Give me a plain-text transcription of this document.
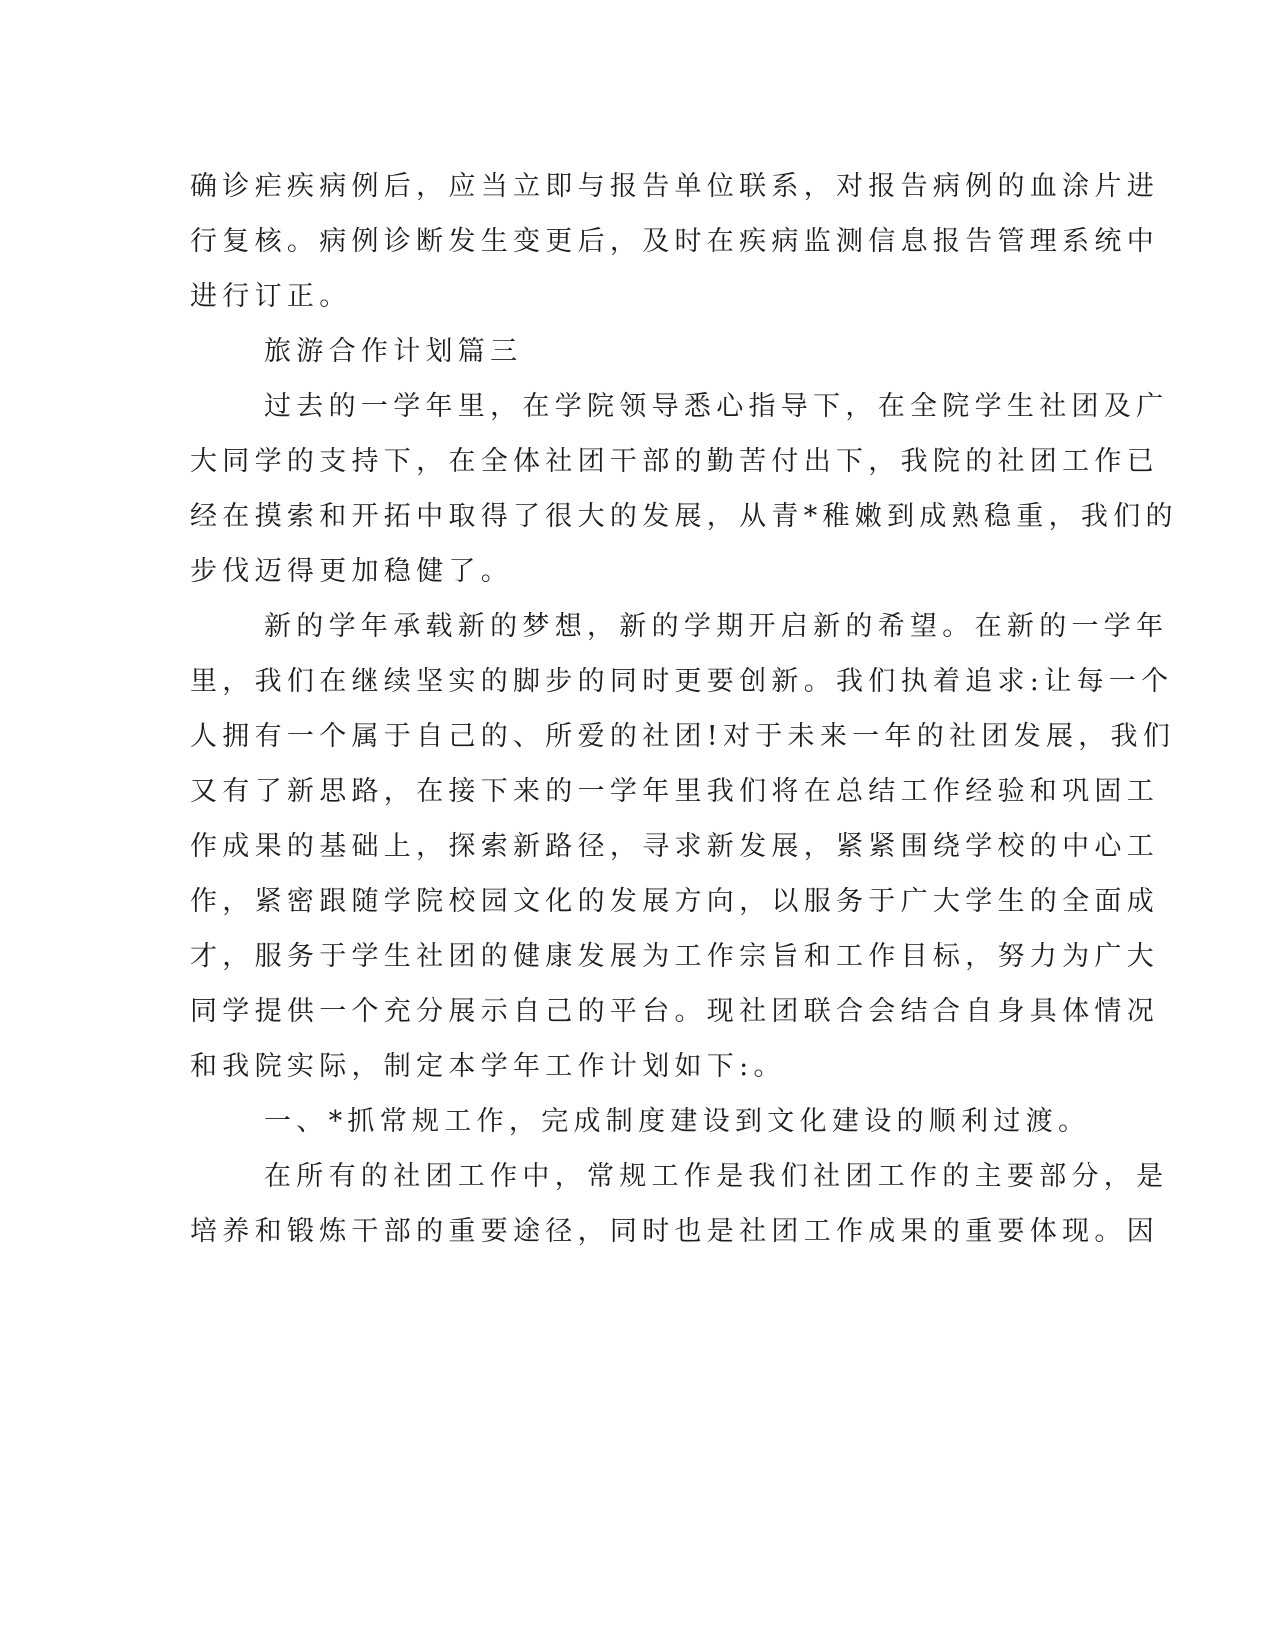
确诊疟疾病例后，应当立即与报告单位联系，对报告病例的血涂片进
行复核。病例诊断发生变更后，及时在疾病监测信息报告管理系统中
进行订正。
旅游合作计划篇三
过去的一学年里，在学院领导悉心指导下，在全院学生社团及广
大同学的支持下，在全体社团干部的勤苦付出下，我院的社团工作已
经在摸索和开拓中取得了很大的发展，从青*稚嫩到成熟稳重，我们的
步伐迈得更加稳健了。
新的学年承载新的梦想，新的学期开启新的希望。在新的一学年
里，我们在继续坚实的脚步的同时更要创新。我们执着追求:让每一个
人拥有一个属于自己的、所爱的社团!对于未来一年的社团发展，我们
又有了新思路，在接下来的一学年里我们将在总结工作经验和巩固工
作成果的基础上，探索新路径，寻求新发展，紧紧围绕学校的中心工
作，紧密跟随学院校园文化的发展方向，以服务于广大学生的全面成
才，服务于学生社团的健康发展为工作宗旨和工作目标，努力为广大
同学提供一个充分展示自己的平台。现社团联合会结合自身具体情况
和我院实际，制定本学年工作计划如下:。
一、*抓常规工作，完成制度建设到文化建设的顺利过渡。
在所有的社团工作中，常规工作是我们社团工作的主要部分，是
培养和锻炼干部的重要途径，同时也是社团工作成果的重要体现。因
